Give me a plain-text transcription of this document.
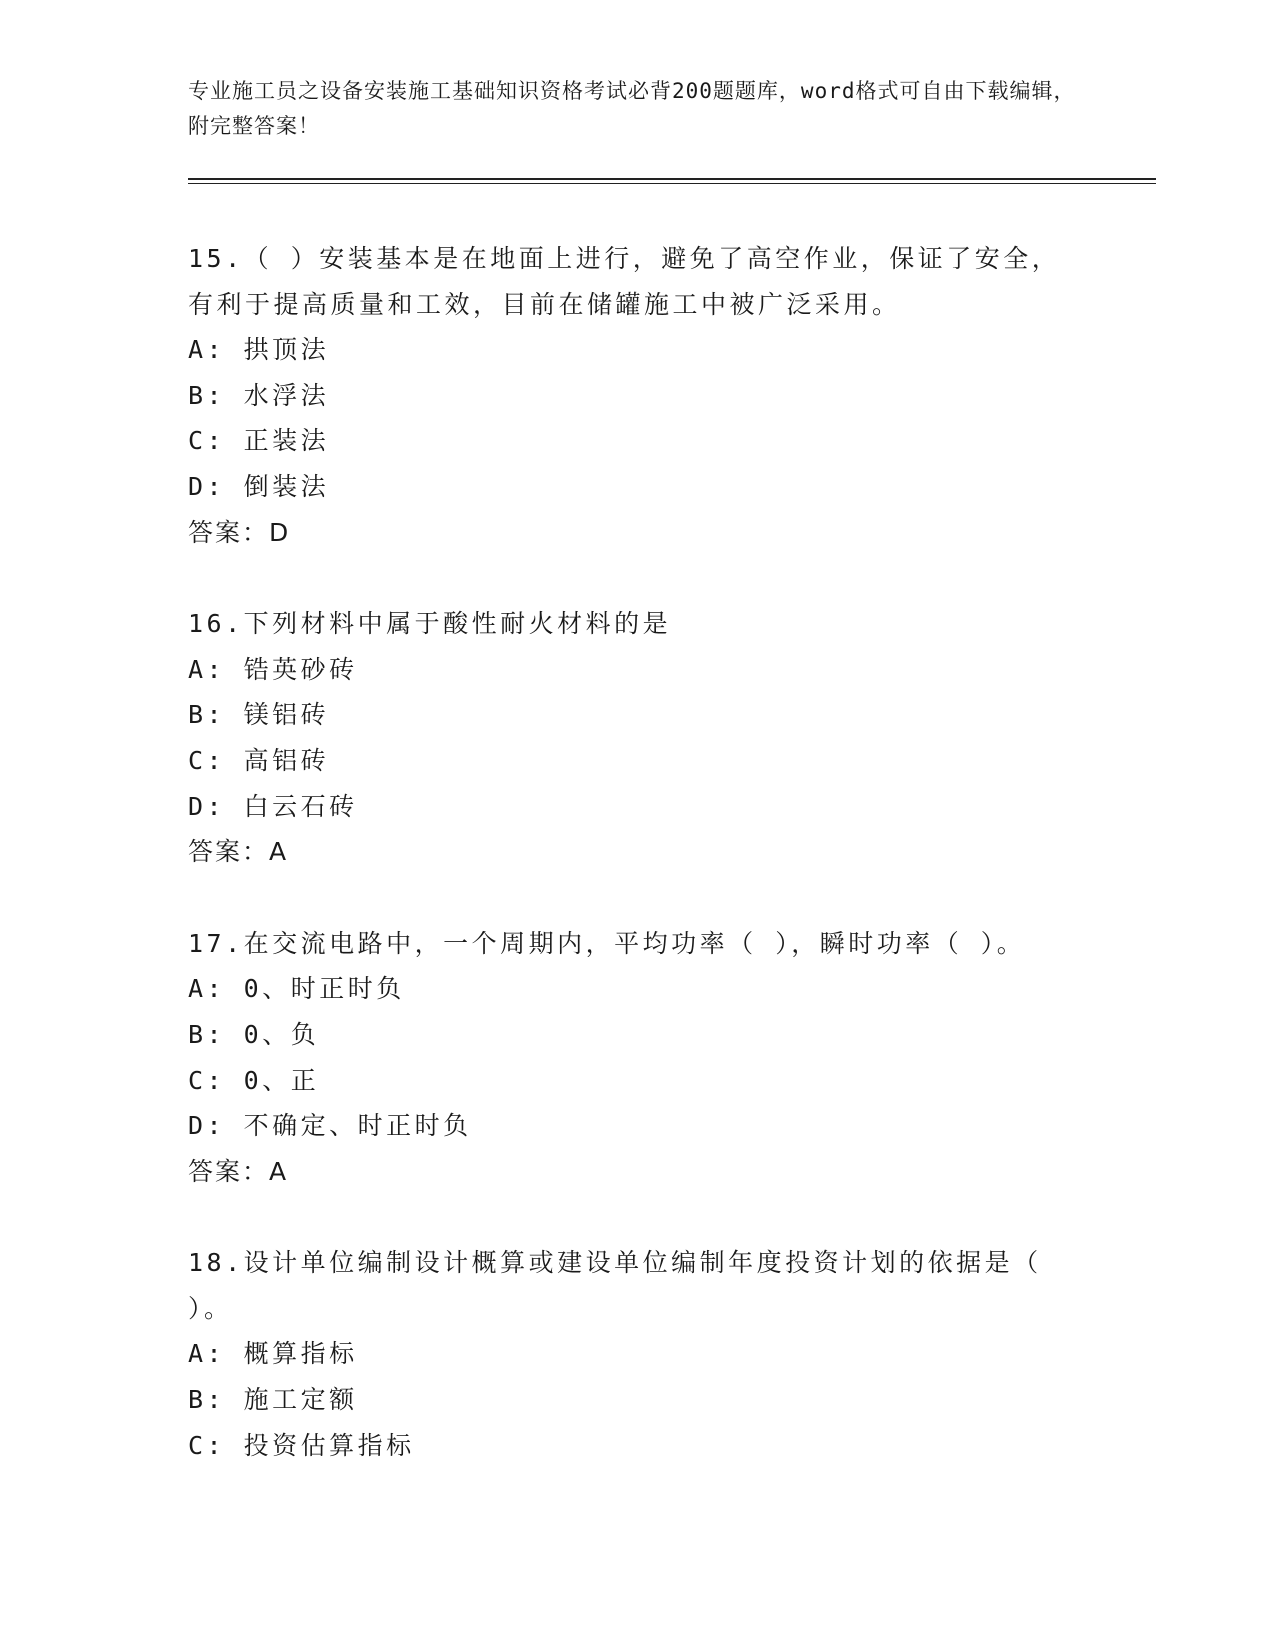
专业施工员之设备安装施工基础知识资格考试必背200题题库，word格式可自由下载编辑，附完整答案！
15.（ ）安装基本是在地面上进行，避免了高空作业，保证了安全，有利于提高质量和工效，目前在储罐施工中被广泛采用。
A: 拱顶法
B: 水浮法
C: 正装法
D: 倒装法
答案：D
16.下列材料中属于酸性耐火材料的是
A: 锆英砂砖
B: 镁铝砖
C: 高铝砖
D: 白云石砖
答案：A
17.在交流电路中，一个周期内，平均功率（ ），瞬时功率（ ）。
A: 0、时正时负
B: 0、负
C: 0、正
D: 不确定、时正时负
答案：A
18.设计单位编制设计概算或建设单位编制年度投资计划的依据是（ ）。
A: 概算指标
B: 施工定额
C: 投资估算指标
